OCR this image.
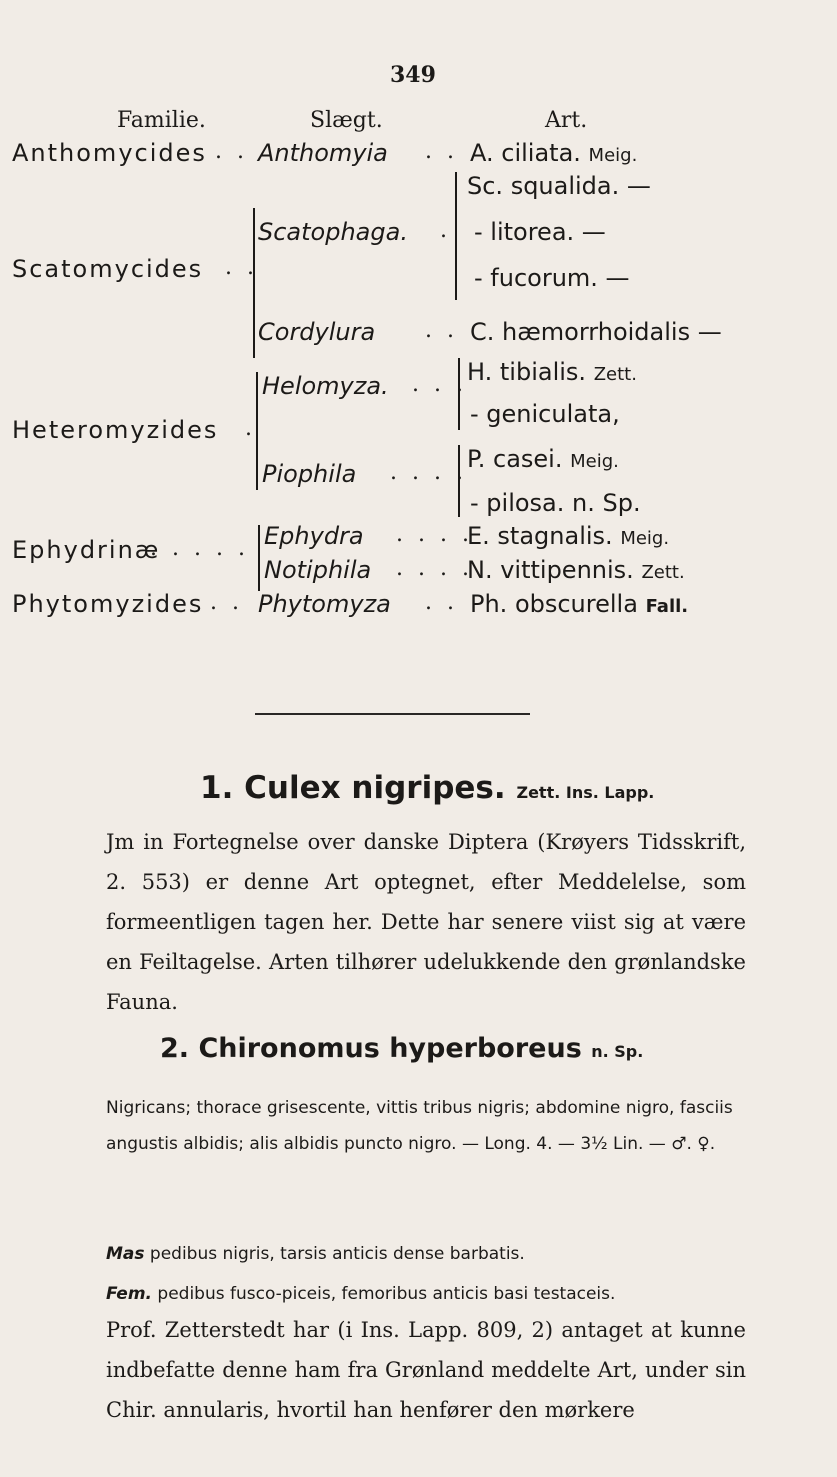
349
Familie.	Slægt.	Art.
Anthomycides . . Anthomyia . . A. ciliata. Meig.
Scatomycides . .
Scatophaga. .
Cordylura . .
Sc. squalida. —
- litorea. —
- fucorum. —
C. hæmorrhoidalis —
Heteromyzides .
Helomyza. . . .
Piophila . . . .
H. tibialis. Zett.
- geniculata,
P. casei. Meig.
- pilosa. n. Sp.
Ephydrinæ
. . . . . Ephydra . . . .
Notiphila . . . .
E. stagnalis. Meig.
N. vittipennis. Zett.
Phytomyzides . . Phytomyza . . Ph. obscurella Fall.
1. Culex nigripes. Zett. Ins. Lapp.
Jm in Fortegnelse over danske Diptera (Krøyers Tidsskrift, 2. 553) er denne Art optegnet, efter Meddelelse, som formeentligen tagen her. Dette har senere viist sig at være en Feiltagelse. Arten tilhører udelukkende den grønlandske Fauna.
2. Chironomus hyperboreus n. Sp.
Nigricans; thorace grisescente, vittis tribus nigris; abdomine nigro, fasciis angustis albidis; alis albidis puncto nigro. — Long. 4. — 3½ Lin. — ♂. ♀.
Mas pedibus nigris, tarsis anticis dense barbatis.
Fem. pedibus fusco-piceis, femoribus anticis basi testaceis.
Prof. Zetterstedt har (i Ins. Lapp. 809, 2) antaget at kunne indbefatte denne ham fra Grønland meddelte Art, under sin Chir. annularis, hvortil han henfører den mørkere
